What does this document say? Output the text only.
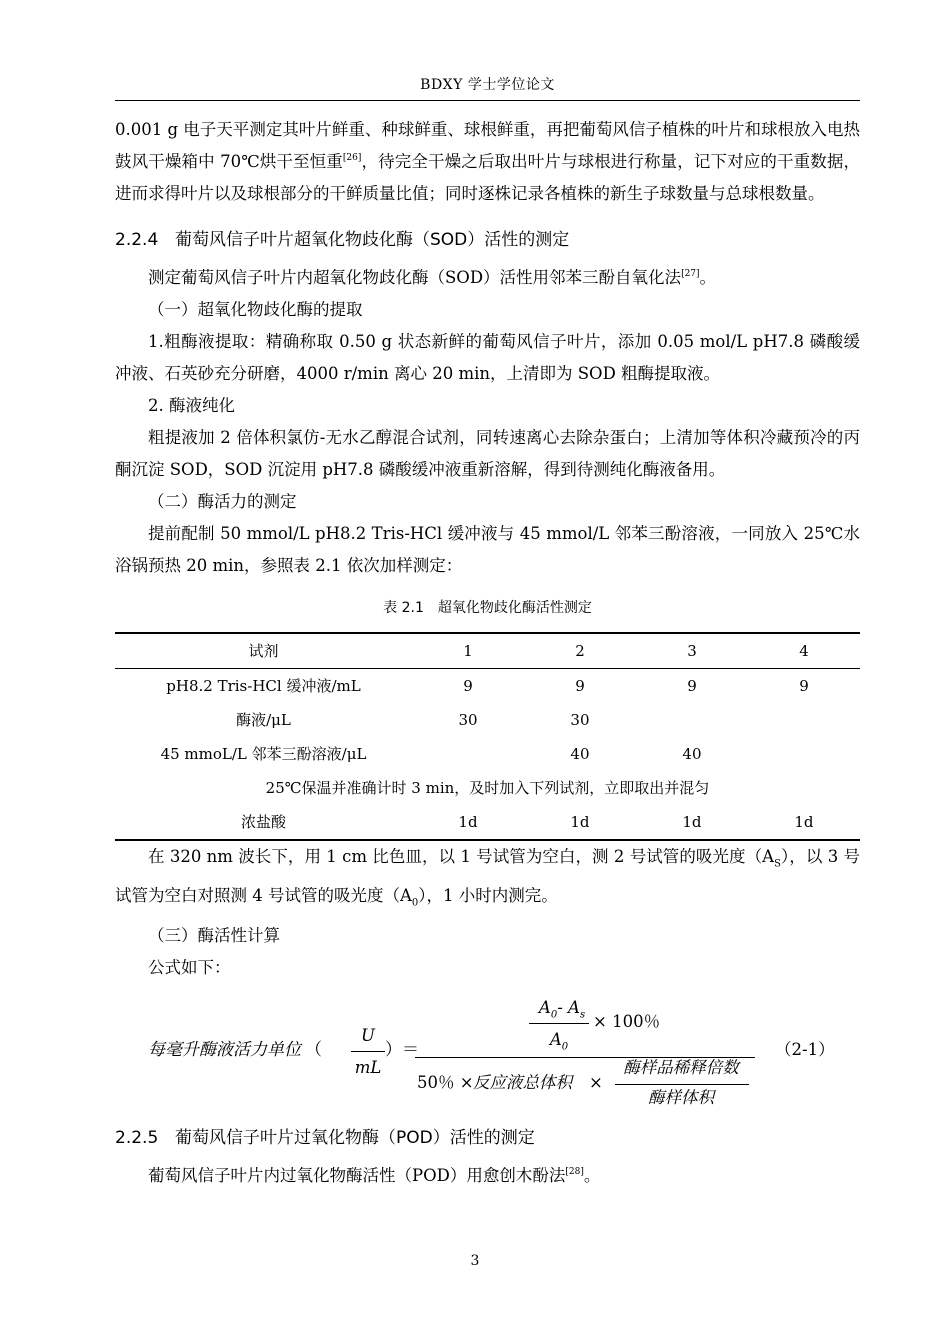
BDXY 学士学位论文

0.001 g 电子天平测定其叶片鲜重、种球鲜重、球根鲜重，再把葡萄风信子植株的叶片和球根放入电热鼓风干燥箱中 70℃烘干至恒重[26]，待完全干燥之后取出叶片与球根进行称量，记下对应的干重数据，进而求得叶片以及球根部分的干鲜质量比值；同时逐株记录各植株的新生子球数量与总球根数量。

2.2.4 葡萄风信子叶片超氧化物歧化酶（SOD）活性的测定

测定葡萄风信子叶片内超氧化物歧化酶（SOD）活性用邻苯三酚自氧化法[27]。

（一）超氧化物歧化酶的提取

1.粗酶液提取：精确称取 0.50 g 状态新鲜的葡萄风信子叶片，添加 0.05 mol/L pH7.8 磷酸缓冲液、石英砂充分研磨，4000 r/min 离心 20 min，上清即为 SOD 粗酶提取液。

2. 酶液纯化

粗提液加 2 倍体积氯仿-无水乙醇混合试剂，同转速离心去除杂蛋白；上清加等体积冷藏预冷的丙酮沉淀 SOD，SOD 沉淀用 pH7.8 磷酸缓冲液重新溶解，得到待测纯化酶液备用。

（二）酶活力的测定

提前配制 50 mmol/L pH8.2 Tris-HCl 缓冲液与 45 mmol/L 邻苯三酚溶液，一同放入 25℃水浴锅预热 20 min，参照表 2.1 依次加样测定：

表 2.1　超氧化物歧化酶活性测定
试剂	1	2	3	4
pH8.2 Tris-HCl 缓冲液/mL	9	9	9	9
酶液/μL	30	30		
45 mmoL/L 邻苯三酚溶液/μL		40	40	
25℃保温并准确计时 3 min，及时加入下列试剂，立即取出并混匀				
浓盐酸	1d	1d	1d	1d

在 320 nm 波长下，用 1 cm 比色皿，以 1 号试管为空白，测 2 号试管的吸光度$(A_S)$，以 3 号试管为空白对照测 4 号试管的吸光度$(A_0)$，1 小时内测完。

（三）酶活性计算

公式如下：

每毫升酶液活力单位 （
U
mL
）＝
$A_0-$ $A_s$
$A_0$
× 100％
50％ × 反应液总体积 ×
酶样品稀释倍数
酶样体积
（2-1）
2.2.5 葡萄风信子叶片过氧化物酶（POD）活性的测定

葡萄风信子叶片内过氧化物酶活性（POD）用愈创木酚法[28]。

3
